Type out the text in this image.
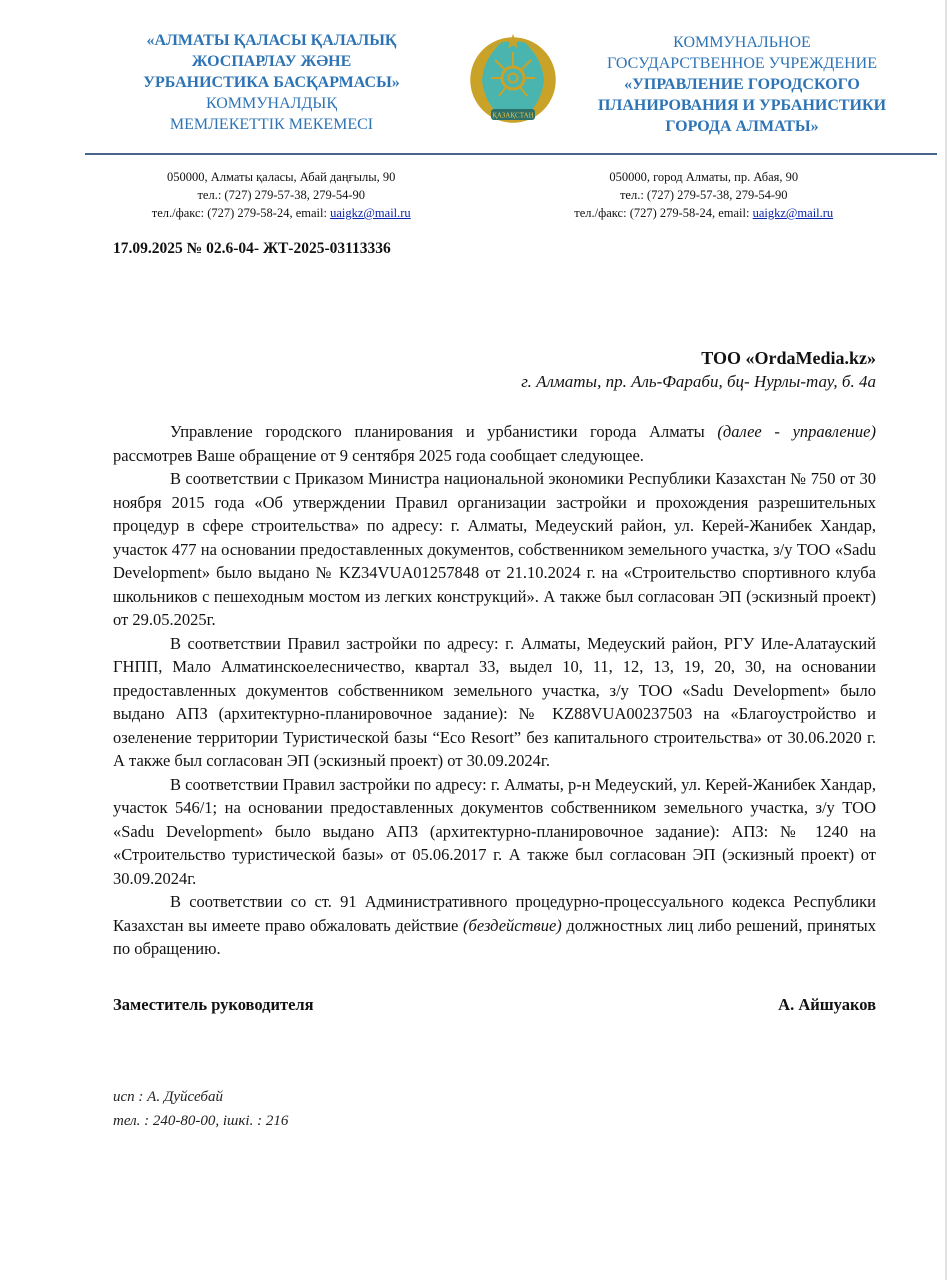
«АЛМАТЫ ҚАЛАСЫ ҚАЛАЛЫҚ
ЖОСПАРЛАУ ЖӘНЕ
УРБАНИСТИКА БАСҚАРМАСЫ»
КОММУНАЛДЫҚ
МЕМЛЕКЕТТІК МЕКЕМЕСІ
ҚАЗАҚСТАН
КОММУНАЛЬНОЕ
ГОСУДАРСТВЕННОЕ УЧРЕЖДЕНИЕ
«УПРАВЛЕНИЕ ГОРОДСКОГО
ПЛАНИРОВАНИЯ И УРБАНИСТИКИ
ГОРОДА АЛМАТЫ»
050000, Алматы қаласы, Абай даңғылы, 90
тел.: (727) 279-57-38, 279-54-90
тел./факс: (727) 279-58-24, email: uaigkz@mail.ru
050000, город Алматы, пр. Абая, 90
тел.: (727) 279-57-38, 279-54-90
тел./факс: (727) 279-58-24, email: uaigkz@mail.ru
17.09.2025 № 02.6-04- ЖТ-2025-03113336
ТОО «OrdaMedia.kz»
г. Алматы, пр. Аль-Фараби, бц- Нурлы-тау, б. 4а

Управление городского планирования и урбанистики города Алматы (далее - управление) рассмотрев Ваше обращение от 9 сентября 2025 года сообщает следующее.

В соответствии с Приказом Министра национальной экономики Республики Казахстан № 750 от 30 ноября 2015 года «Об утверждении Правил организации застройки и прохождения разрешительных процедур в сфере строительства» по адресу: г. Алматы, Медеуский район, ул. Керей-Жанибек Хандар, участок 477 на основании предоставленных документов, собственником земельного участка, з/у ТОО «Sadu Development» было выдано № KZ34VUA01257848 от 21.10.2024 г. на «Строительство спортивного клуба школьников с пешеходным мостом из легких конструкций». А также был согласован ЭП (эскизный проект) от 29.05.2025г.

В соответствии Правил застройки по адресу: г. Алматы, Медеуский район, РГУ Иле-Алатауский ГНПП, Мало Алматинскоелесничество, квартал 33, выдел 10, 11, 12, 13, 19, 20, 30, на основании предоставленных документов собственником земельного участка, з/у ТОО «Sadu Development» было выдано АПЗ (архитектурно-планировочное задание): № KZ88VUA00237503 на «Благоустройство и озеленение территории Туристической базы “Eco Resort” без капитального строительства» от 30.06.2020 г. А также был согласован ЭП (эскизный проект) от 30.09.2024г.

В соответствии Правил застройки по адресу: г. Алматы, р-н Медеуский, ул. Керей-Жанибек Хандар, участок 546/1; на основании предоставленных документов собственником земельного участка, з/у ТОО «Sadu Development» было выдано АПЗ (архитектурно-планировочное задание): АПЗ: № 1240 на «Строительство туристической базы» от 05.06.2017 г. А также был согласован ЭП (эскизный проект) от 30.09.2024г.

В соответствии со ст. 91 Административного процедурно-процессуального кодекса Республики Казахстан вы имеете право обжаловать действие (бездействие) должностных лиц либо решений, принятых по обращению.

Заместитель руководителя	А. Айшуаков
исп : А. Дуйсебай
тел. : 240-80-00, ішкі. : 216
